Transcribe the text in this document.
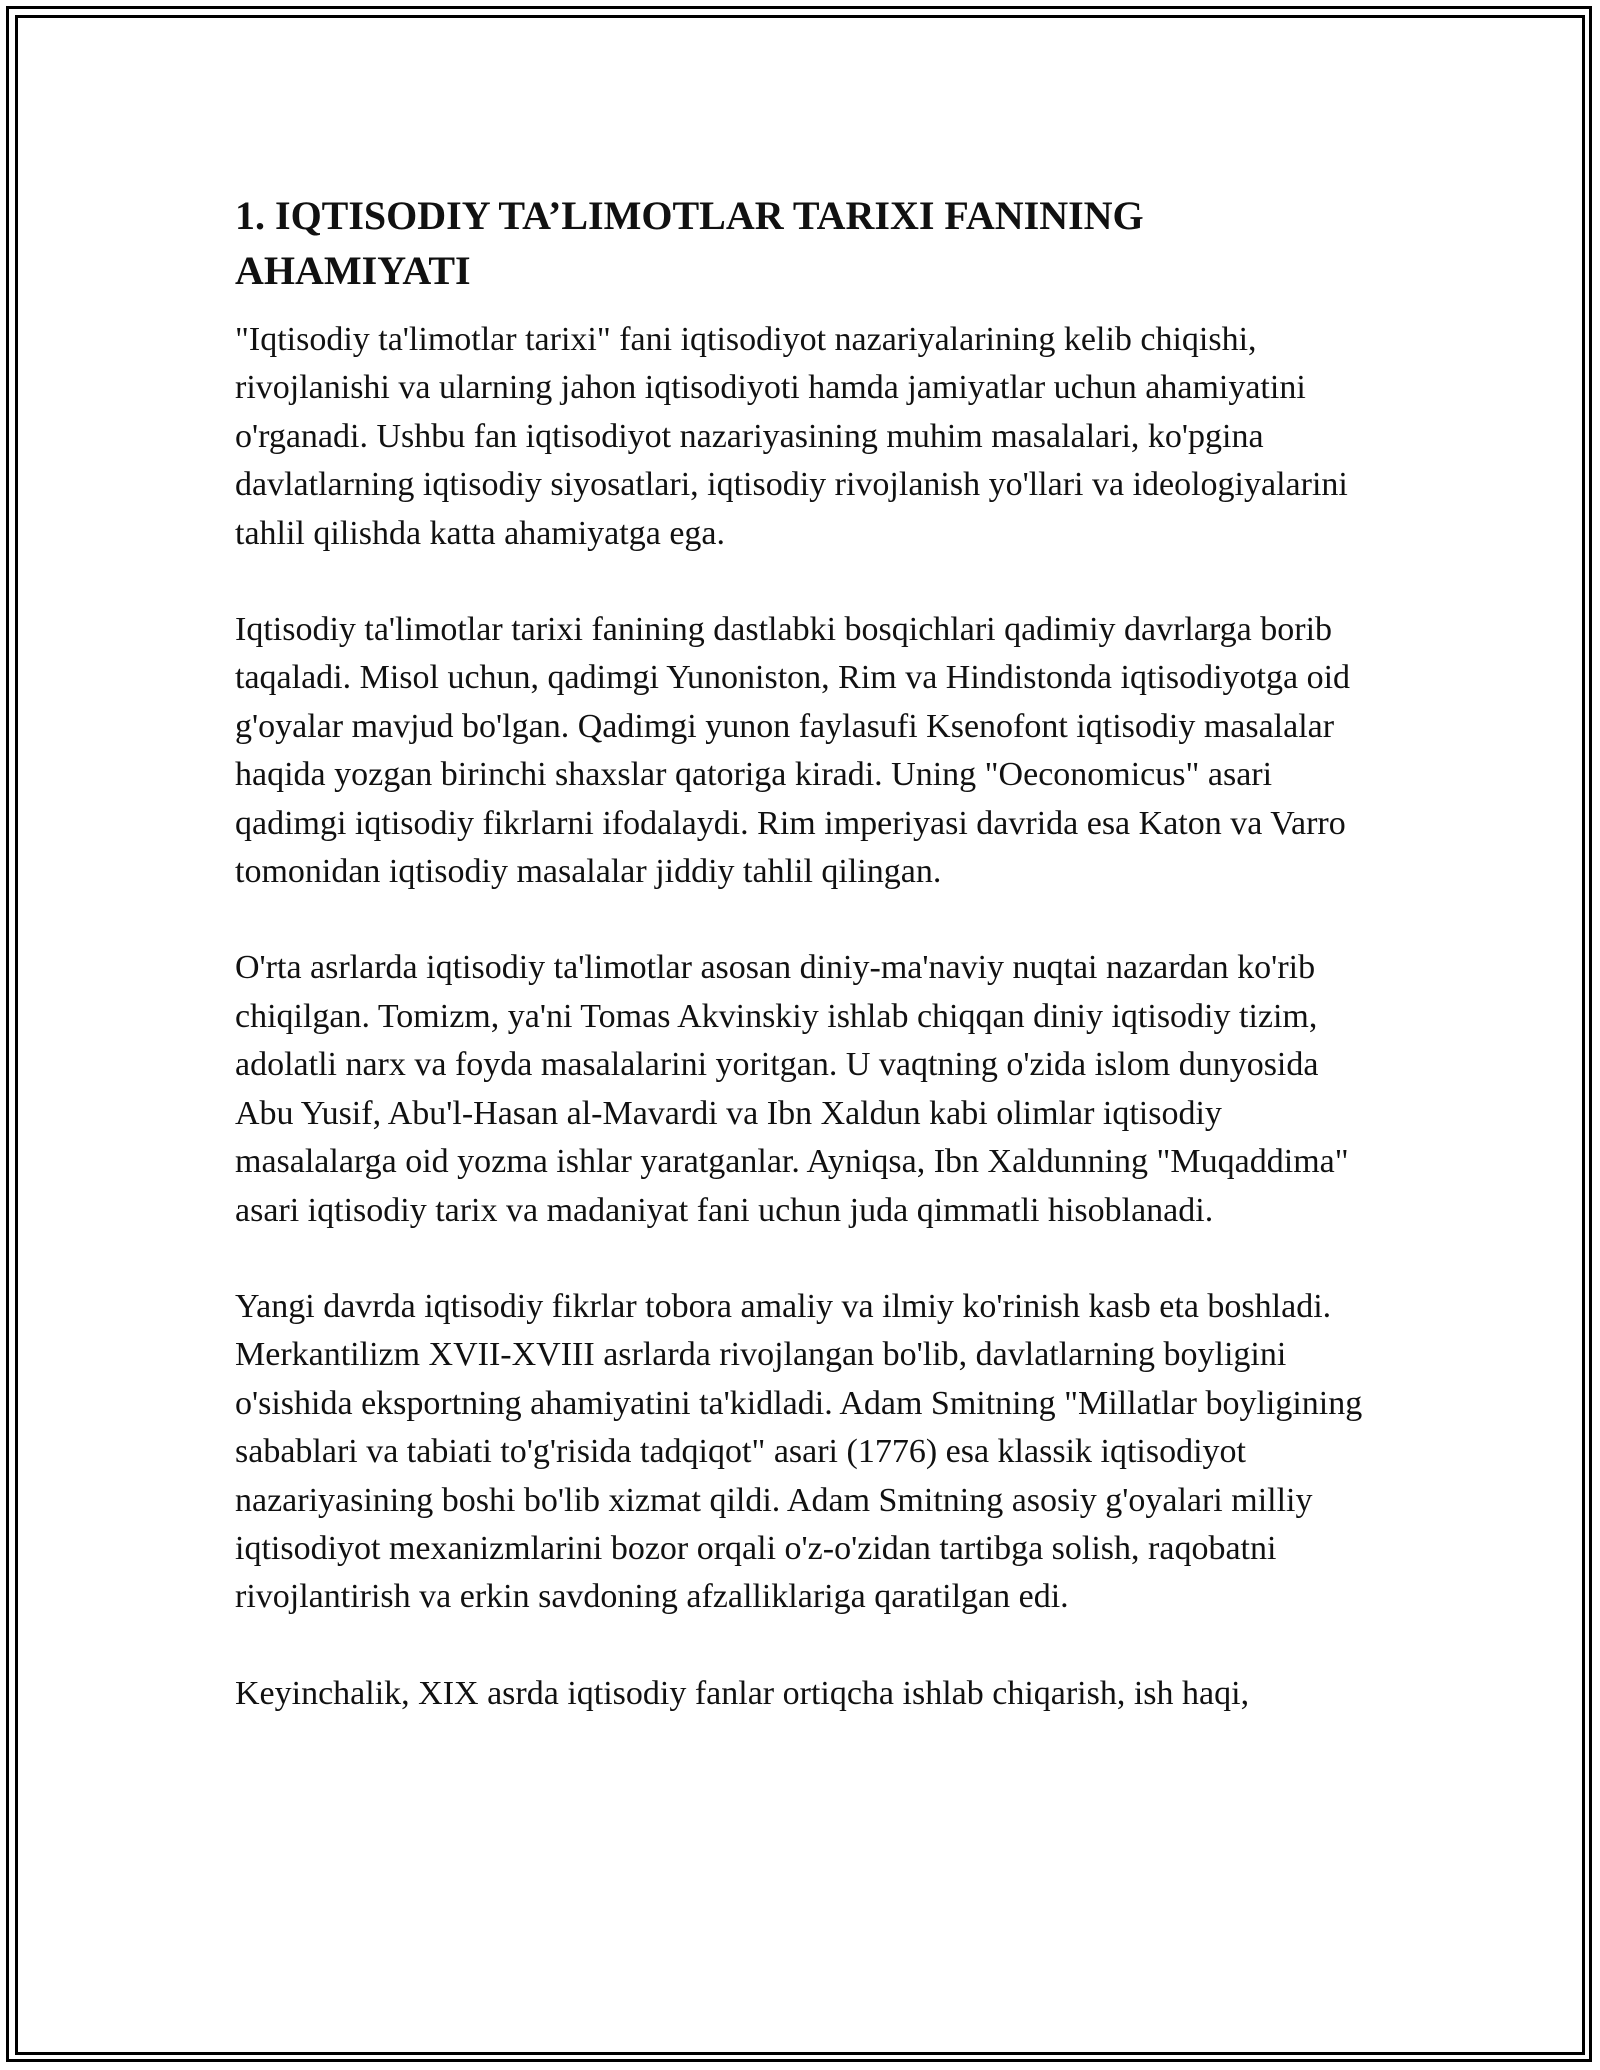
1. IQTISODIY TA’LIMOTLAR TARIXI FANINING AHAMIYATI

"Iqtisodiy ta'limotlar tarixi" fani iqtisodiyot nazariyalarining kelib chiqishi, rivojlanishi va ularning jahon iqtisodiyoti hamda jamiyatlar uchun ahamiyatini o'rganadi. Ushbu fan iqtisodiyot nazariyasining muhim masalalari, ko'pgina davlatlarning iqtisodiy siyosatlari, iqtisodiy rivojlanish yo'llari va ideologiyalarini tahlil qilishda katta ahamiyatga ega.

Iqtisodiy ta'limotlar tarixi fanining dastlabki bosqichlari qadimiy davrlarga borib taqaladi. Misol uchun, qadimgi Yunoniston, Rim va Hindistonda iqtisodiyotga oid g'oyalar mavjud bo'lgan. Qadimgi yunon faylasufi Ksenofont iqtisodiy masalalar haqida yozgan birinchi shaxslar qatoriga kiradi. Uning "Oeconomicus" asari qadimgi iqtisodiy fikrlarni ifodalaydi. Rim imperiyasi davrida esa Katon va Varro tomonidan iqtisodiy masalalar jiddiy tahlil qilingan.

O'rta asrlarda iqtisodiy ta'limotlar asosan diniy-ma'naviy nuqtai nazardan ko'rib chiqilgan. Tomizm, ya'ni Tomas Akvinskiy ishlab chiqqan diniy iqtisodiy tizim, adolatli narx va foyda masalalarini yoritgan. U vaqtning o'zida islom dunyosida Abu Yusif, Abu'l-Hasan al-Mavardi va Ibn Xaldun kabi olimlar iqtisodiy masalalarga oid yozma ishlar yaratganlar. Ayniqsa, Ibn Xaldunning "Muqaddima" asari iqtisodiy tarix va madaniyat fani uchun juda qimmatli hisoblanadi.

Yangi davrda iqtisodiy fikrlar tobora amaliy va ilmiy ko'rinish kasb eta boshladi. Merkantilizm XVII-XVIII asrlarda rivojlangan bo'lib, davlatlarning boyligini o'sishida eksportning ahamiyatini ta'kidladi. Adam Smitning "Millatlar boyligining sabablari va tabiati to'g'risida tadqiqot" asari (1776) esa klassik iqtisodiyot nazariyasining boshi bo'lib xizmat qildi. Adam Smitning asosiy g'oyalari milliy iqtisodiyot mexanizmlarini bozor orqali o'z-o'zidan tartibga solish, raqobatni rivojlantirish va erkin savdoning afzalliklariga qaratilgan edi.

Keyinchalik, XIX asrda iqtisodiy fanlar ortiqcha ishlab chiqarish, ish haqi,
